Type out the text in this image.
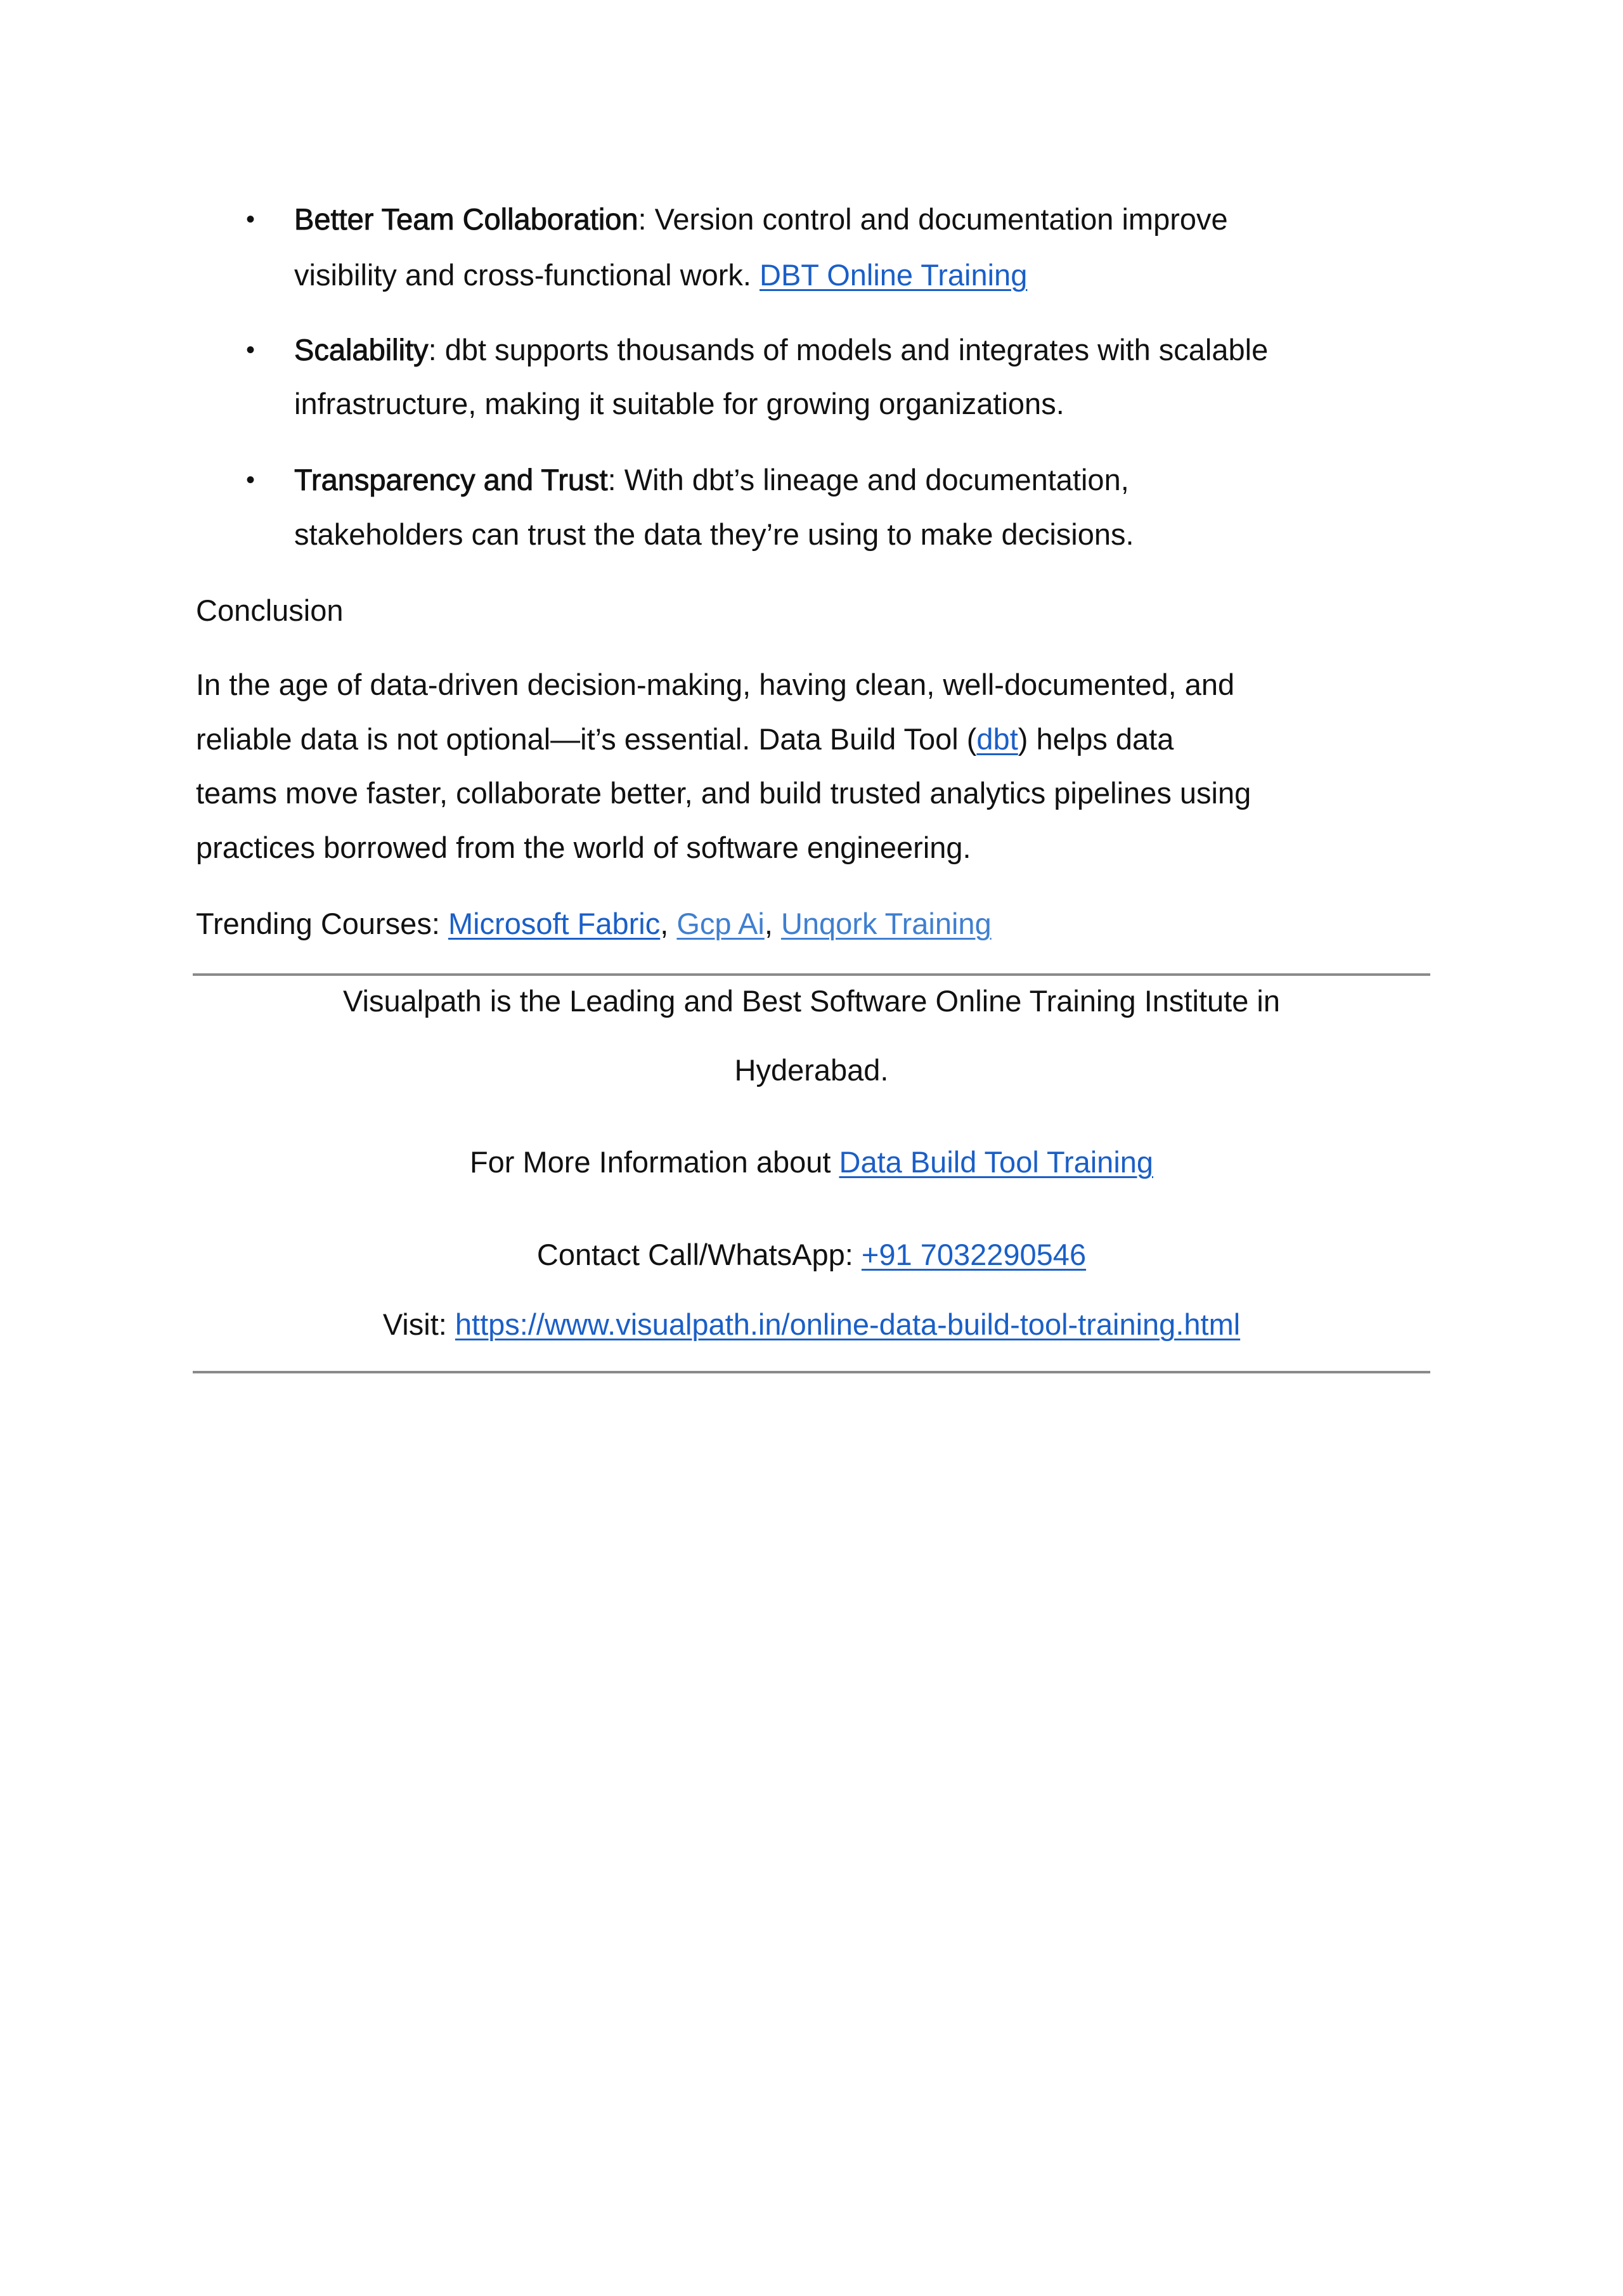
• Better Team Collaboration: Version control and documentation improve
visibility and cross-functional work. DBT Online Training
• Scalability: dbt supports thousands of models and integrates with scalable
infrastructure, making it suitable for growing organizations.
• Transparency and Trust: With dbt’s lineage and documentation,
stakeholders can trust the data they’re using to make decisions.
Conclusion
In the age of data-driven decision-making, having clean, well-documented, and
reliable data is not optional—it’s essential. Data Build Tool (dbt) helps data
teams move faster, collaborate better, and build trusted analytics pipelines using
practices borrowed from the world of software engineering.
Trending Courses: Microsoft Fabric, Gcp Ai, Unqork Training
Visualpath is the Leading and Best Software Online Training Institute in
Hyderabad.
For More Information about Data Build Tool Training
Contact Call/WhatsApp: +91 7032290546
Visit: https://www.visualpath.in/online-data-build-tool-training.html
